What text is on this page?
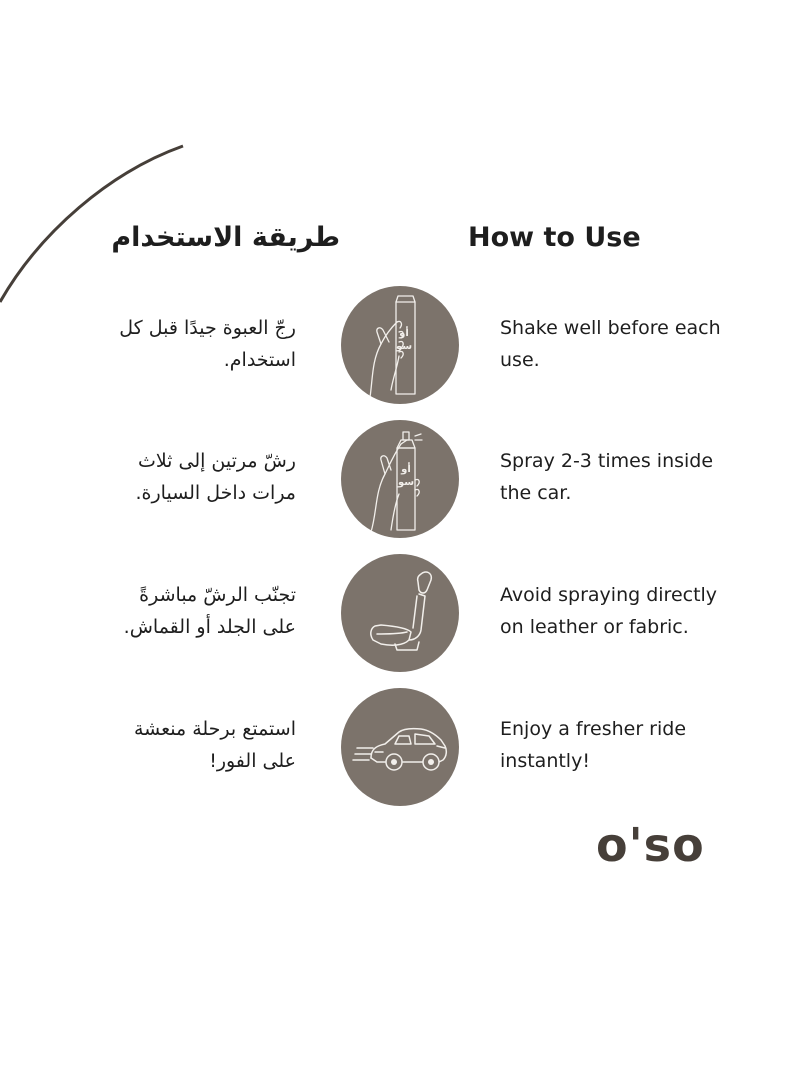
طريقة الاستخدام	How to Use
رجّ العبوة جيدًا قبل كل
استخدام.
أو
سو
Shake well before each
use.
رشّ مرتين إلى ثلاث
مرات داخل السيارة.
أو
سو
Spray 2-3 times inside
the car.
تجنّب الرشّ مباشرةً
على الجلد أو القماش.
Avoid spraying directly
on leather or fabric.
استمتع برحلة منعشة
على الفور!
Enjoy a fresher ride
instantly!
o'so
